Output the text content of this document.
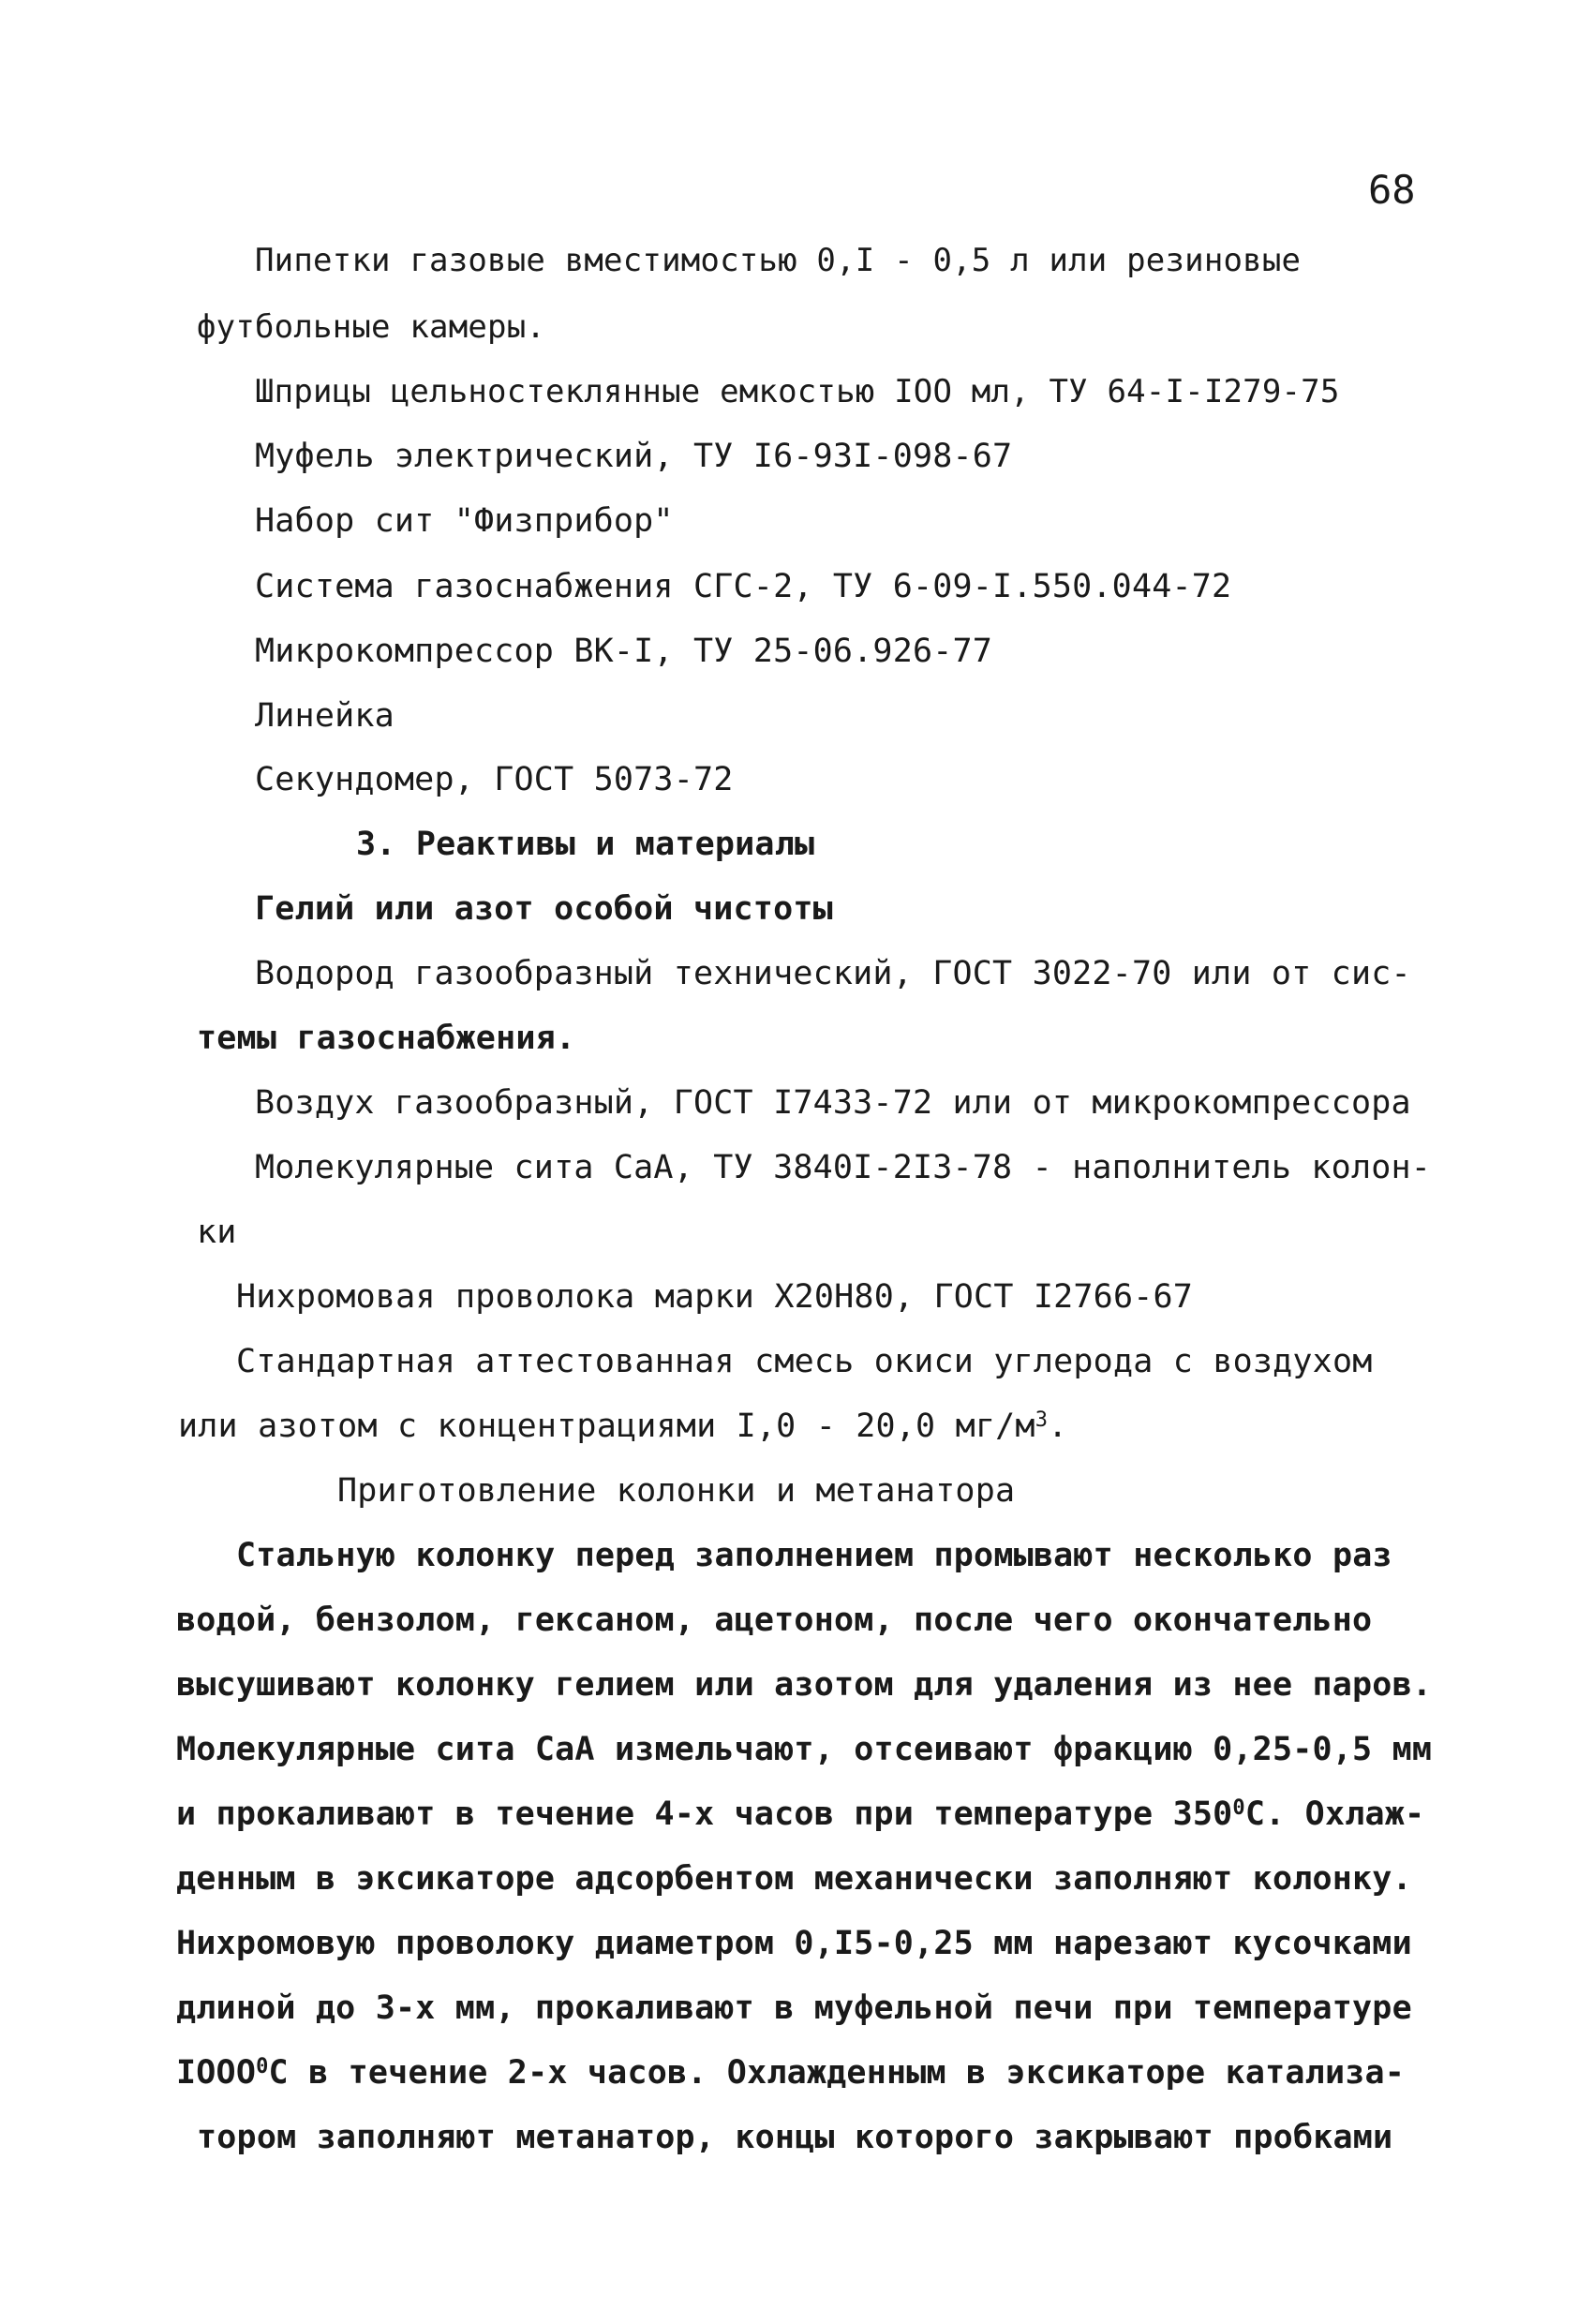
68
Пипетки газовые вместимостью 0,I - 0,5 л или резиновые
футбольные камеры.
Шприцы цельностеклянные емкостью IOO мл, ТУ 64-I-I279-75
Муфель электрический, ТУ I6-93I-098-67
Набор сит "Физприбор"
Система газоснабжения СГС-2, ТУ 6-09-I.550.044-72
Микрокомпрессор ВК-I, ТУ 25-06.926-77
Линейка
Секундомер, ГОСТ 5073-72
3. Реактивы и материалы
Гелий или азот особой чистоты
Водород газообразный технический, ГОСТ 3022-70 или от сис-
темы газоснабжения.
Воздух газообразный, ГОСТ I7433-72 или от микрокомпрессора
Молекулярные сита СаА, ТУ 3840I-2I3-78 - наполнитель колон-
ки
Нихромовая проволока марки Х20Н80, ГОСТ I2766-67
Стандартная аттестованная смесь окиси углерода с воздухом
или азотом с концентрациями I,0 - 20,0 $мг/м^3$.
Приготовление колонки и метанатора
Стальную колонку перед заполнением промывают несколько раз
водой, бензолом, гексаном, ацетоном, после чего окончательно
высушивают колонку гелием или азотом для удаления из нее паров.
Молекулярные сита СаА измельчают, отсеивают фракцию 0,25-0,5 мм
и прокаливают в течение 4-х часов при температуре $350^0С$. Охлаж-
денным в эксикаторе адсорбентом механически заполняют колонку.
Нихромовую проволоку диаметром 0,I5-0,25 мм нарезают кусочками
длиной до 3-х мм, прокаливают в муфельной печи при температуре
IOOO$^0$С в течение 2-х часов. Охлажденным в эксикаторе катализа-
тором заполняют метанатор, концы которого закрывают пробками
